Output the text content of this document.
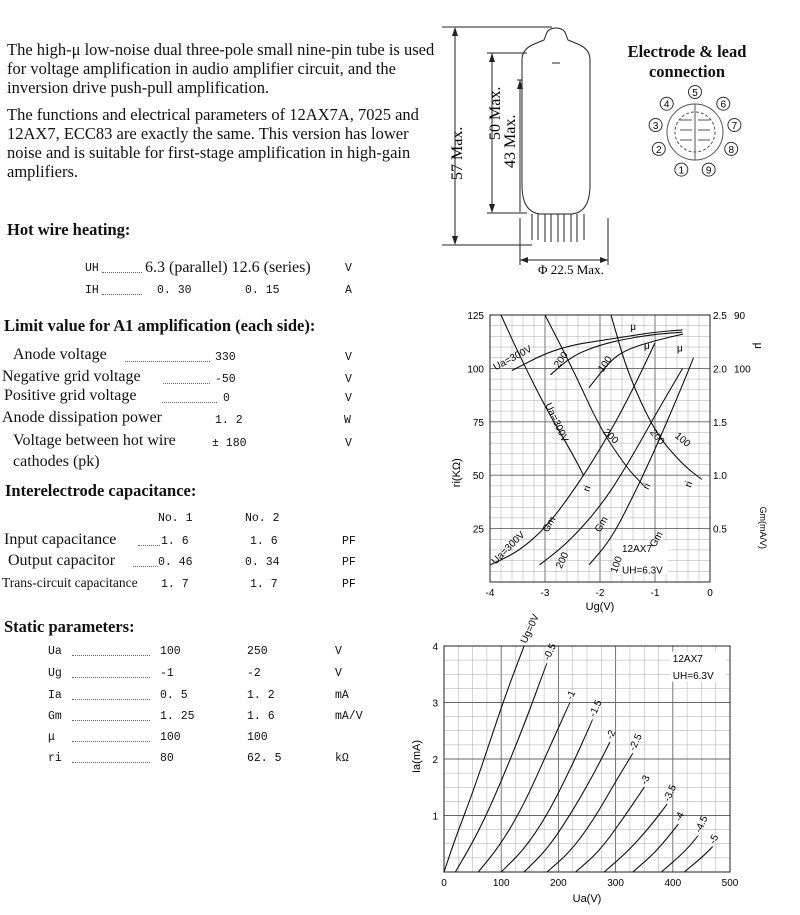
The high-μ low-noise dual three-pole small nine-pin tube is used for voltage amplification in audio amplifier circuit, and the inversion drive push-pull amplification.

The functions and electrical parameters of 12AX7A, 7025 and 12AX7, ECC83 are exactly the same. This version has lower noise and is suitable for first-stage amplification in high-gain amplifiers.

Hot wire heating:
UH	6.3 (parallel) 12.6 (series)	V
IH	0. 30	0. 15	A
Limit value for A1 amplification (each side):
Anode voltage	330	V
Negative grid voltage	-50	V
Positive grid voltage	0	V
Anode dissipation power	1. 2	W
Voltage between hot wire
cathodes (pk)
± 180	V
Interelectrode capacitance:
No. 1	No. 2
Input capacitance	1. 6	1. 6	PF
Output capacitor	0. 46	0. 34	PF
Trans-circuit capacitance 1. 7	1. 7	PF
Static parameters:
Ua	100	250	V
Ug	-1	-2	V
Ia	0. 5	1. 2	mA
Gm	1. 25	1. 6	mA/V
μ	100	100
ri	80	62. 5	kΩ
57 Max.
50 Max.
43 Max.
Φ 22.5 Max.
Electrode & lead
connection
1
2
3
4
5
6
7
8
9
-4	-3	-2	-1	0
25
50
75
100
125
0.5
1.0
1.5
2.0
2.5
100
90
Ug(V)
ri(KΩ)
Gm(mA/V)
μ
12AX7
UH=6.3V
Ua=300V 200	100
μ
μ	μ
Ua=300V	200
ri
200
ri
100
ri
Gm	Gm
Gm
Ua=300V	200	100
Ug=0V
-0.5
-1
-1.5
-2 -2.5
-3
-3.5
-4 -4.5
-5
0	100	200	300	400	500
1
2
3
4
Ua(V)
Ia(mA)
12AX7
UH=6.3V
